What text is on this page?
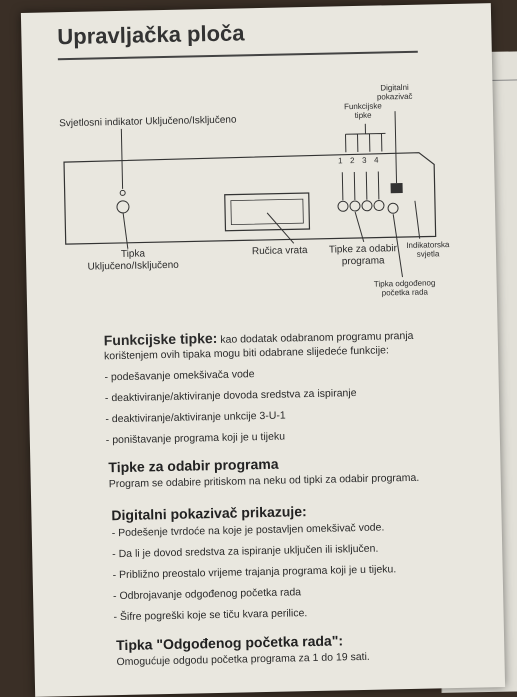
Upravljačka ploča
Digitalni pokazivač
Funkcijske tipke
Svjetlosni indikator Uključeno/Isključeno
1 2 3 4
Tipka Uključeno/Isključeno
Ručica vrata	Tipke za odabir programa
Indikatorska svjetla
Tipka odgođenog početka rada
Funkcijske tipke: kao dodatak odabranom programu pranja korištenjem ovih tipaka mogu biti odabrane slijedeće funkcije:
- podešavanje omekšivača vode
- deaktiviranje/aktiviranje dovoda sredstva za ispiranje
- deaktiviranje/aktiviranje unkcije 3-U-1
- poništavanje programa koji je u tijeku
Tipke za odabir programa
Program se odabire pritiskom na neku od tipki za odabir programa.
Digitalni pokazivač prikazuje:
- Podešenje tvrdoće na koje je postavljen omekšivač vode.
- Da li je dovod sredstva za ispiranje uključen ili isključen.
- Približno preostalo vrijeme trajanja programa koji je u tijeku.
- Odbrojavanje odgođenog početka rada
- Šifre pogreški koje se tiču kvara perilice.
Tipka "Odgođenog početka rada":
Omogućuje odgodu početka programa za 1 do 19 sati.
